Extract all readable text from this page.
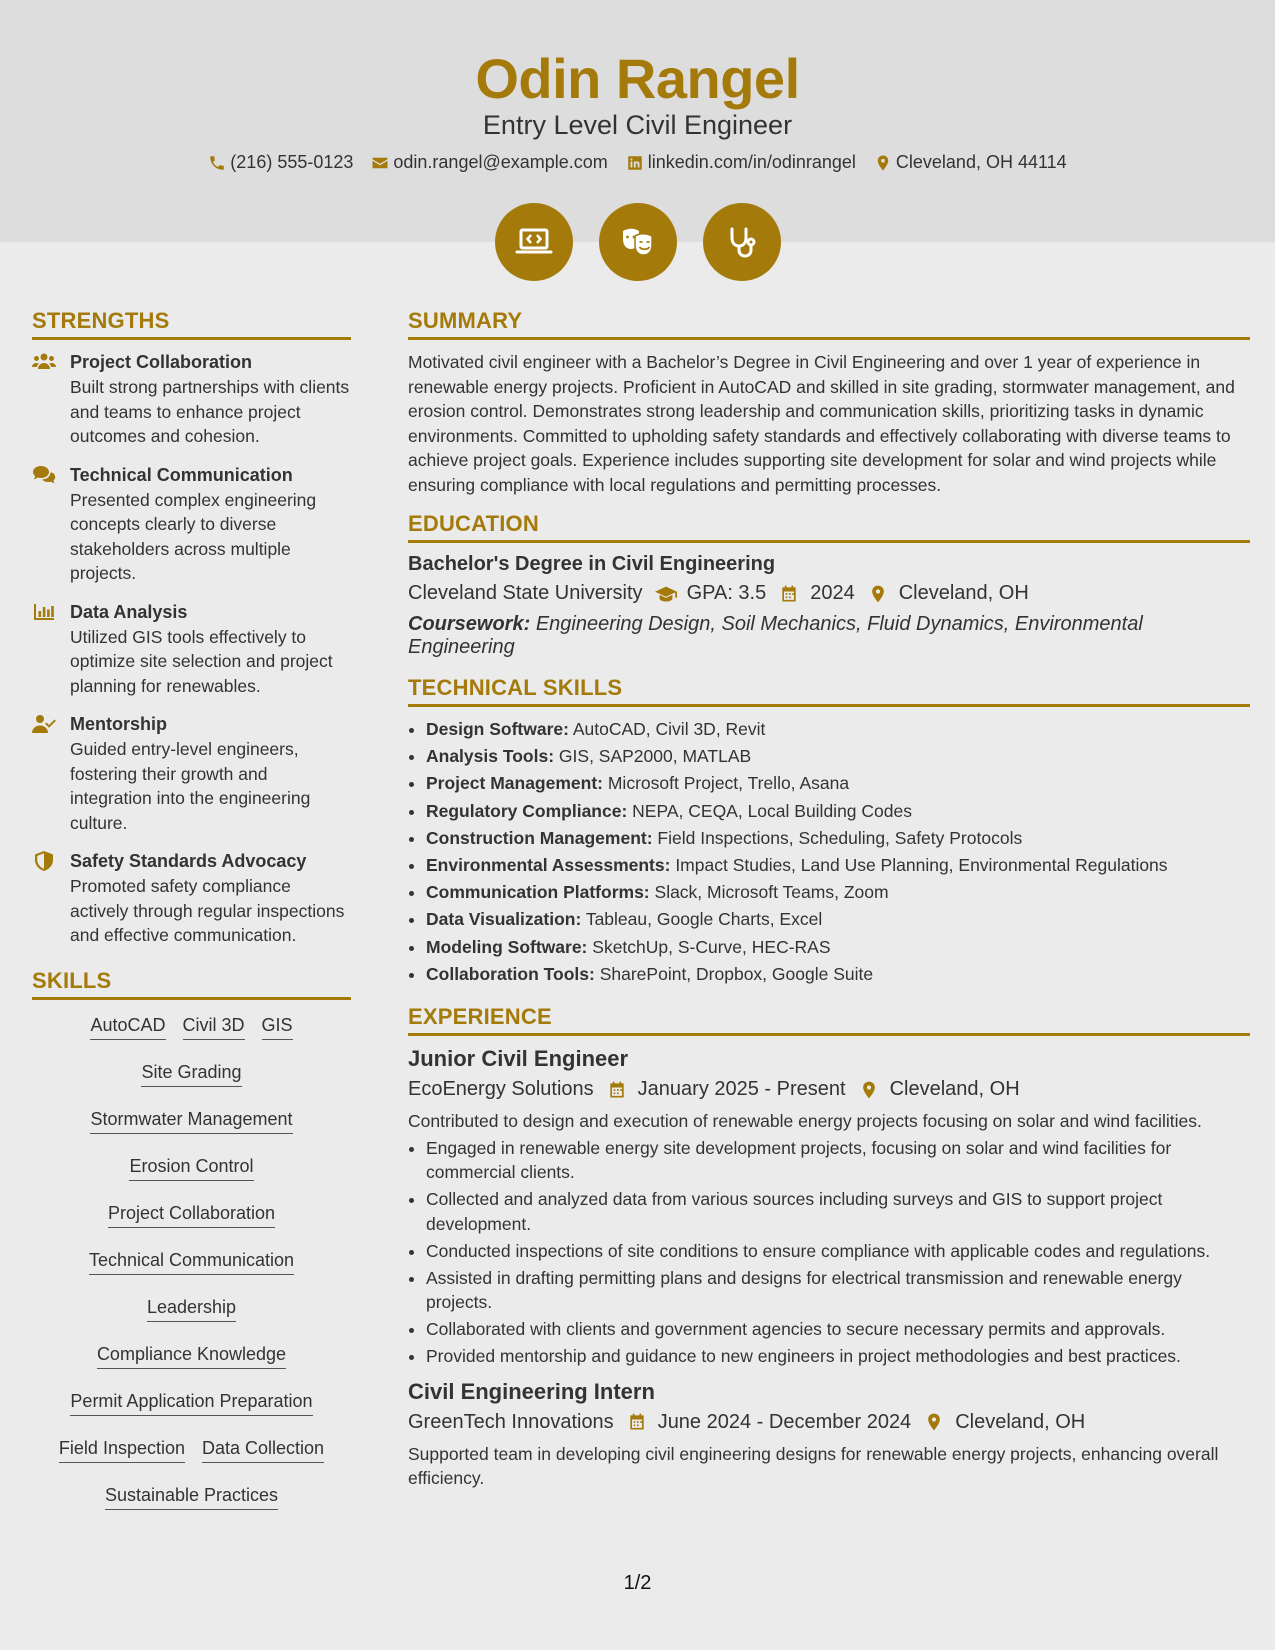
Odin Rangel
Entry Level Civil Engineer
(216) 555-0123 odin.rangel@example.com linkedin.com/in/odinrangel Cleveland, OH 44114
STRENGTHS
Project Collaboration
Built strong partnerships with clients and teams to enhance project outcomes and cohesion.
Technical Communication
Presented complex engineering concepts clearly to diverse stakeholders across multiple projects.
Data Analysis
Utilized GIS tools effectively to optimize site selection and project planning for renewables.
Mentorship
Guided entry-level engineers, fostering their growth and integration into the engineering culture.
Safety Standards Advocacy
Promoted safety compliance actively through regular inspections and effective communication.
SKILLS
AutoCAD Civil 3D GIS
Site Grading
Stormwater Management
Erosion Control
Project Collaboration
Technical Communication
Leadership
Compliance Knowledge
Permit Application Preparation
Field Inspection Data Collection
Sustainable Practices
SUMMARY
Motivated civil engineer with a Bachelor’s Degree in Civil Engineering and over 1 year of experience in renewable energy projects. Proficient in AutoCAD and skilled in site grading, stormwater management, and erosion control. Demonstrates strong leadership and communication skills, prioritizing tasks in dynamic environments. Committed to upholding safety standards and effectively collaborating with diverse teams to achieve project goals. Experience includes supporting site development for solar and wind projects while ensuring compliance with local regulations and permitting processes.
EDUCATION
Bachelor's Degree in Civil Engineering
Cleveland State University GPA: 3.5 2024 Cleveland, OH
Coursework: Engineering Design, Soil Mechanics, Fluid Dynamics, Environmental Engineering
TECHNICAL SKILLS
• Design Software: AutoCAD, Civil 3D, Revit
• Analysis Tools: GIS, SAP2000, MATLAB
• Project Management: Microsoft Project, Trello, Asana
• Regulatory Compliance: NEPA, CEQA, Local Building Codes
• Construction Management: Field Inspections, Scheduling, Safety Protocols
• Environmental Assessments: Impact Studies, Land Use Planning, Environmental Regulations
• Communication Platforms: Slack, Microsoft Teams, Zoom
• Data Visualization: Tableau, Google Charts, Excel
• Modeling Software: SketchUp, S-Curve, HEC-RAS
• Collaboration Tools: SharePoint, Dropbox, Google Suite
EXPERIENCE
Junior Civil Engineer
EcoEnergy Solutions January 2025 - Present Cleveland, OH
Contributed to design and execution of renewable energy projects focusing on solar and wind facilities.
• Engaged in renewable energy site development projects, focusing on solar and wind facilities for commercial clients.
• Collected and analyzed data from various sources including surveys and GIS to support project development.
• Conducted inspections of site conditions to ensure compliance with applicable codes and regulations.
• Assisted in drafting permitting plans and designs for electrical transmission and renewable energy projects.
• Collaborated with clients and government agencies to secure necessary permits and approvals.
• Provided mentorship and guidance to new engineers in project methodologies and best practices.
Civil Engineering Intern
GreenTech Innovations June 2024 - December 2024 Cleveland, OH
Supported team in developing civil engineering designs for renewable energy projects, enhancing overall efficiency.
1/2
